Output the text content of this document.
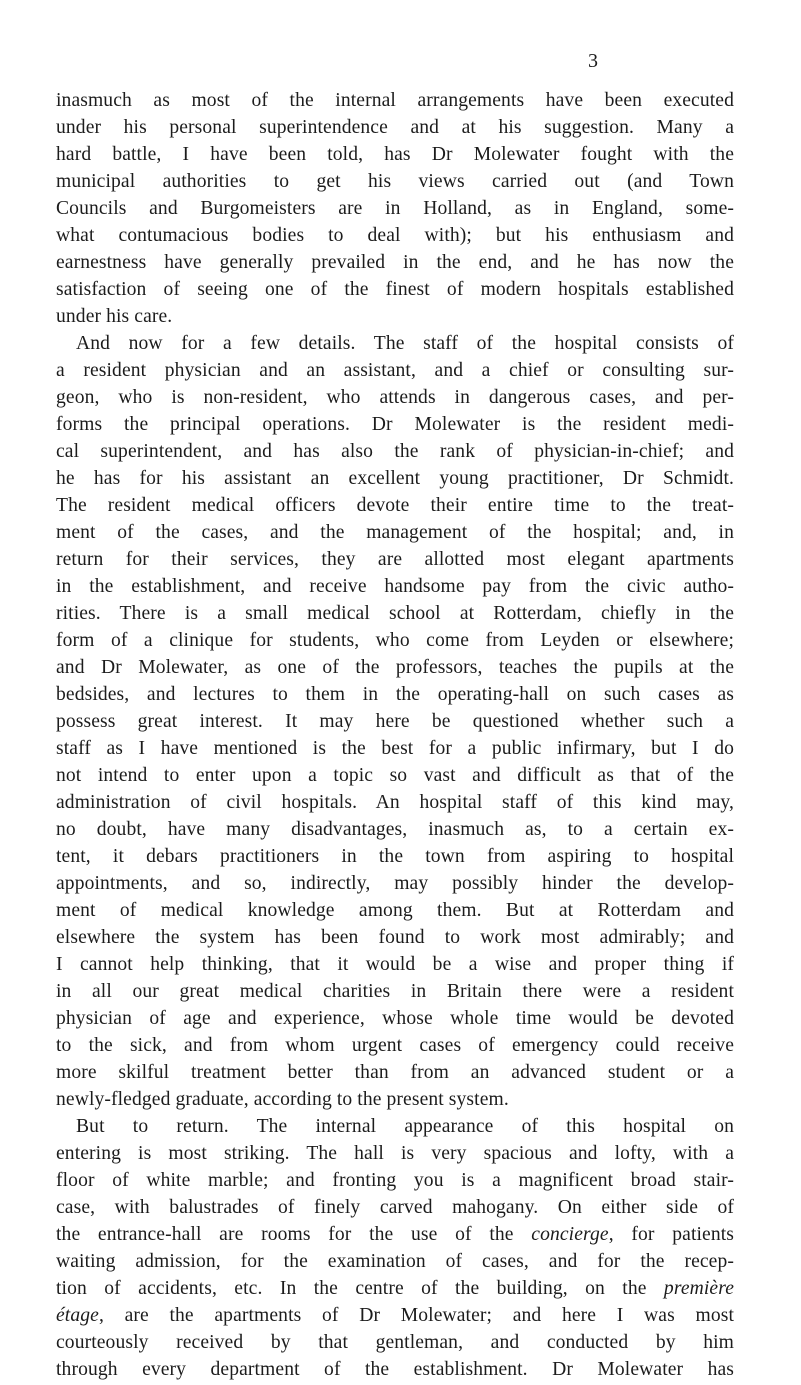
3
inasmuch as most of the internal arrangements have been executed
under his personal superintendence and at his suggestion. Many a
hard battle, I have been told, has Dr Molewater fought with the
municipal authorities to get his views carried out (and Town
Councils and Burgomeisters are in Holland, as in England, some-
what contumacious bodies to deal with); but his enthusiasm and
earnestness have generally prevailed in the end, and he has now the
satisfaction of seeing one of the finest of modern hospitals established
under his care.
And now for a few details. The staff of the hospital consists of
a resident physician and an assistant, and a chief or consulting sur-
geon, who is non-resident, who attends in dangerous cases, and per-
forms the principal operations. Dr Molewater is the resident medi-
cal superintendent, and has also the rank of physician-in-chief; and
he has for his assistant an excellent young practitioner, Dr Schmidt.
The resident medical officers devote their entire time to the treat-
ment of the cases, and the management of the hospital; and, in
return for their services, they are allotted most elegant apartments
in the establishment, and receive handsome pay from the civic autho-
rities. There is a small medical school at Rotterdam, chiefly in the
form of a clinique for students, who come from Leyden or elsewhere;
and Dr Molewater, as one of the professors, teaches the pupils at the
bedsides, and lectures to them in the operating-hall on such cases as
possess great interest. It may here be questioned whether such a
staff as I have mentioned is the best for a public infirmary, but I do
not intend to enter upon a topic so vast and difficult as that of the
administration of civil hospitals. An hospital staff of this kind may,
no doubt, have many disadvantages, inasmuch as, to a certain ex-
tent, it debars practitioners in the town from aspiring to hospital
appointments, and so, indirectly, may possibly hinder the develop-
ment of medical knowledge among them. But at Rotterdam and
elsewhere the system has been found to work most admirably; and
I cannot help thinking, that it would be a wise and proper thing if
in all our great medical charities in Britain there were a resident
physician of age and experience, whose whole time would be devoted
to the sick, and from whom urgent cases of emergency could receive
more skilful treatment better than from an advanced student or a
newly-fledged graduate, according to the present system.
But to return. The internal appearance of this hospital on
entering is most striking. The hall is very spacious and lofty, with a
floor of white marble; and fronting you is a magnificent broad stair-
case, with balustrades of finely carved mahogany. On either side of
the entrance-hall are rooms for the use of the concierge, for patients
waiting admission, for the examination of cases, and for the recep-
tion of accidents, etc. In the centre of the building, on the première
étage, are the apartments of Dr Molewater; and here I was most
courteously received by that gentleman, and conducted by him
through every department of the establishment. Dr Molewater has
